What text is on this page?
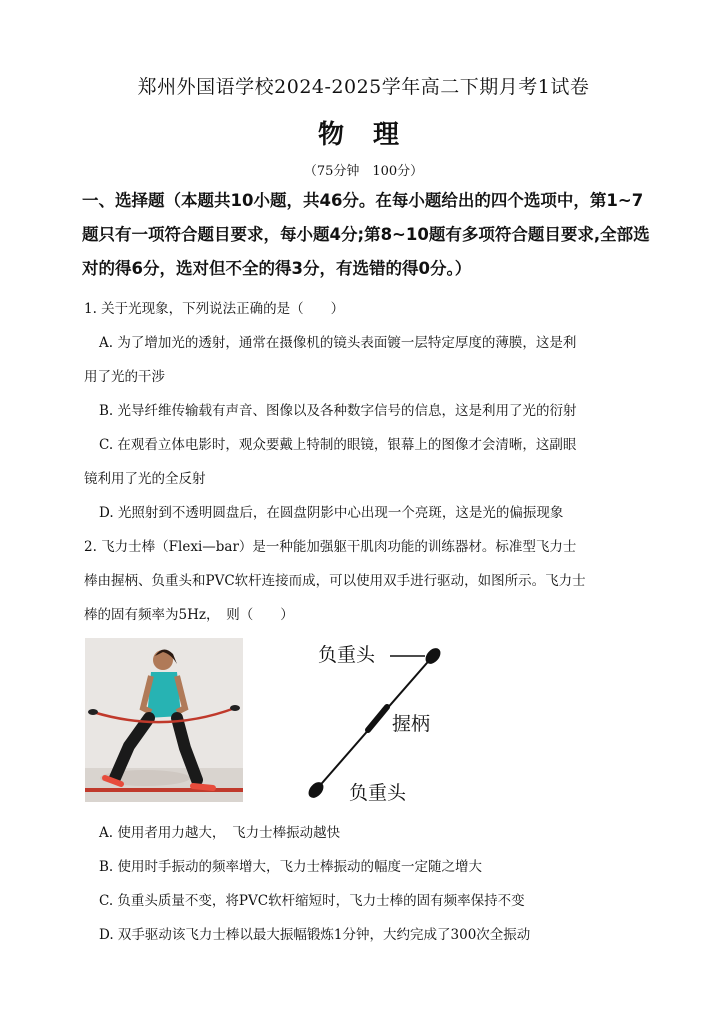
郑州外国语学校2024-2025学年高二下期月考1试卷
物 理
（75分钟　100分）
一、选择题（本题共10小题，共46分。在每小题给出的四个选项中，第1~7题只有一项符合题目要求，每小题4分;第8~10题有多项符合题目要求,全部选对的得6分，选对但不全的得3分，有选错的得0分。）
1. 关于光现象，下列说法正确的是（　　）
A. 为了增加光的透射，通常在摄像机的镜头表面镀一层特定厚度的薄膜，这是利
用了光的干涉
B. 光导纤维传输载有声音、图像以及各种数字信号的信息，这是利用了光的衍射
C. 在观看立体电影时，观众要戴上特制的眼镜，银幕上的图像才会清晰，这副眼
镜利用了光的全反射
D. 光照射到不透明圆盘后，在圆盘阴影中心出现一个亮斑，这是光的偏振现象
2. 飞力士棒（Flexi—bar）是一种能加强躯干肌肉功能的训练器材。标准型飞力士
棒由握柄、负重头和PVC软杆连接而成，可以使用双手进行驱动，如图所示。飞力士
棒的固有频率为5Hz，　则（　　）
负重头
握柄
负重头
A. 使用者用力越大，　飞力士棒振动越快
B. 使用时手振动的频率增大，飞力士棒振动的幅度一定随之增大
C. 负重头质量不变，将PVC软杆缩短时，飞力士棒的固有频率保持不变
D. 双手驱动该飞力士棒以最大振幅锻炼1分钟，大约完成了300次全振动
